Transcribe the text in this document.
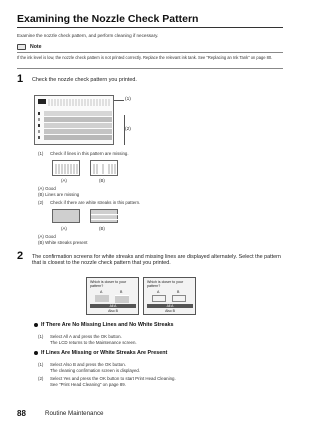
Examining the Nozzle Check Pattern
Examine the nozzle check pattern, and perform cleaning if necessary.
Note
If the ink level is low, the nozzle check pattern is not printed correctly. Replace the relevant ink tank. See "Replacing an Ink Tank" on page 80.
1 Check the nozzle check pattern you printed.
(1)
(2)
(1) Check if lines in this pattern are missing.
(A)	(B)
(A) Good
(B) Lines are missing
(2) Check if there are white streaks in this pattern.
(A)	(B)
(A) Good
(B) White streaks present
2 The confirmation screens for white streaks and missing lines are displayed alternately. Select the pattern that is closest to the nozzle check pattern that you printed.
Which is closer to your pattern?
A	B
All A
Also B
Which is closer to your pattern?
A	B
All A
Also B
If There Are No Missing Lines and No White Streaks
(1) Select All A and press the OK button.
The LCD returns to the Maintenance screen.
If Lines Are Missing or White Streaks Are Present
(1) Select Also B and press the OK button.
The cleaning confirmation screen is displayed.
(2) Select Yes and press the OK button to start Print Head Cleaning.
See "Print Head Cleaning" on page 89.
88	Routine Maintenance
